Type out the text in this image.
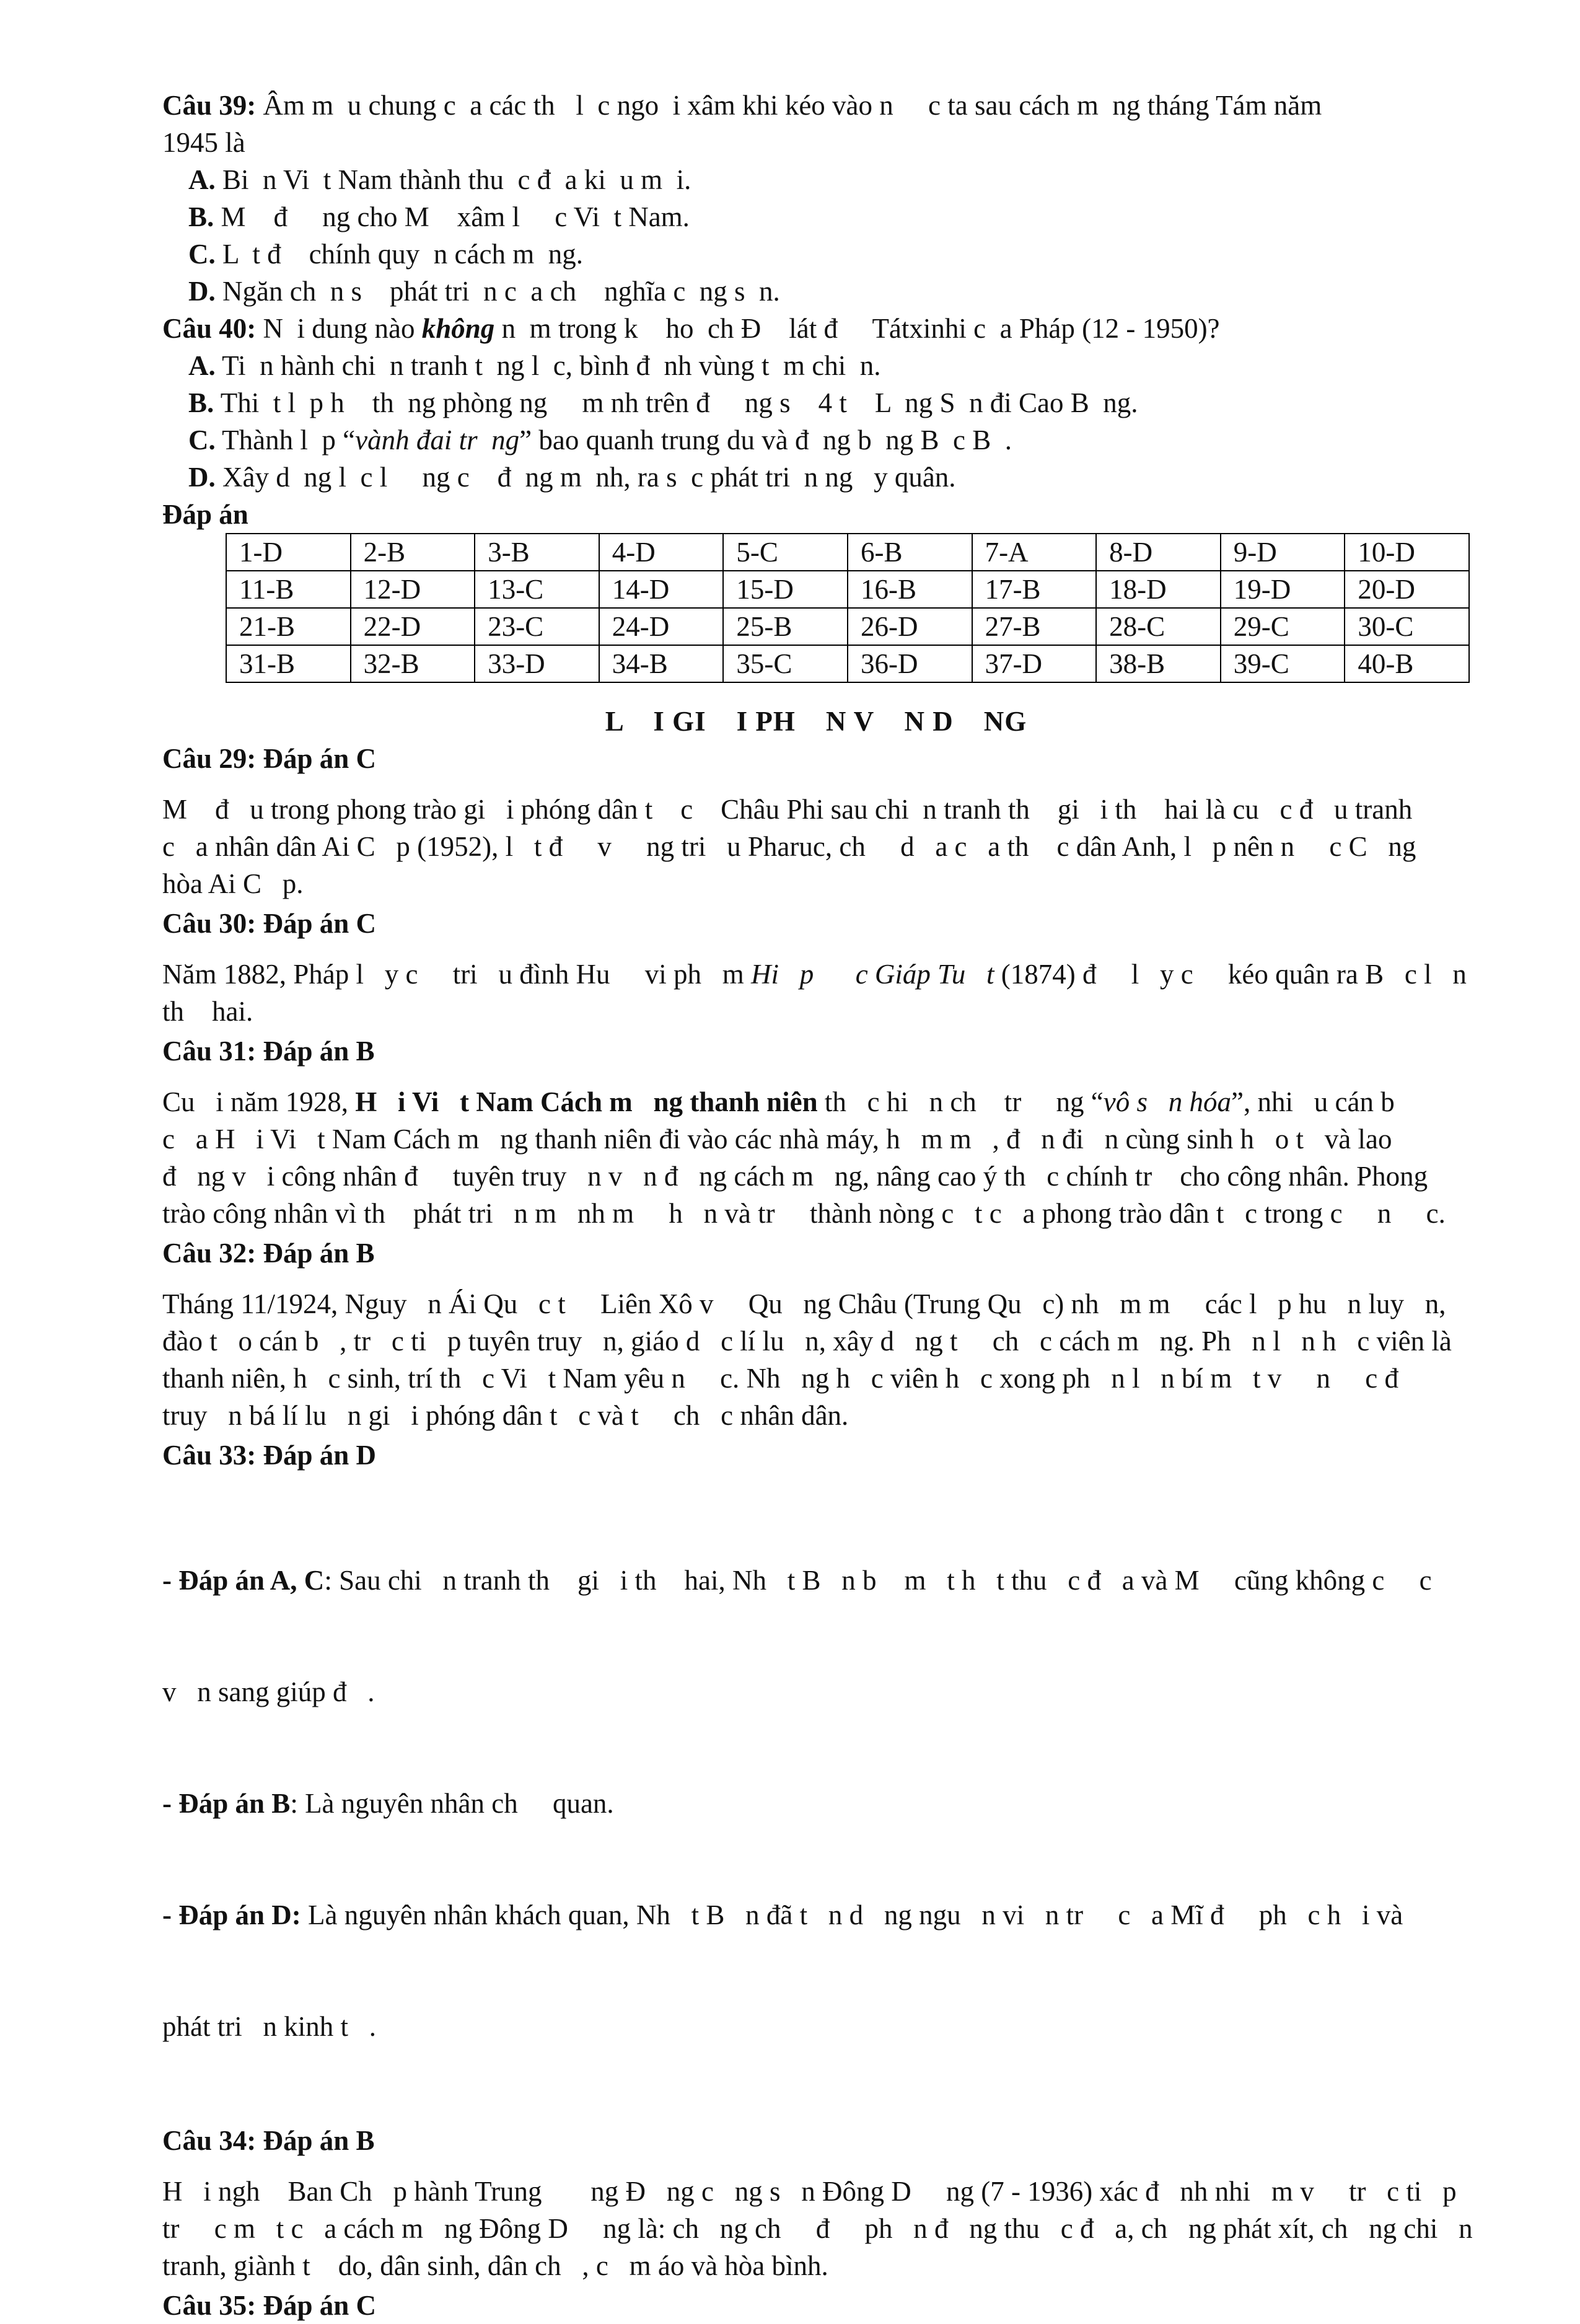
Câu 39: Âm m  u chung c  a các th   l  c ngo  i xâm khi kéo vào n     c ta sau cách m  ng tháng Tám năm
1945 là
A. Bi  n Vi  t Nam thành thu  c đ  a ki  u m  i.
B. M    đ     ng cho M    xâm l     c Vi  t Nam.
C. L  t đ    chính quy  n cách m  ng.
D. Ngăn ch  n s    phát tri  n c  a ch    nghĩa c  ng s  n.
Câu 40: N  i dung nào không n  m trong k    ho  ch Đ    lát đ     Tátxinhi c  a Pháp (12 - 1950)?
A. Ti  n hành chi  n tranh t  ng l  c, bình đ  nh vùng t  m chi  n.
B. Thi  t l  p h    th  ng phòng ng     m nh trên đ     ng s    4 t    L  ng S  n đi Cao B  ng.
C. Thành l  p “vành đai tr  ng” bao quanh trung du và đ  ng b  ng B  c B  .
D. Xây d  ng l  c l     ng c    đ  ng m  nh, ra s  c phát tri  n ng   y quân.
Đáp án
1-D	2-B	3-B	4-D	5-C	6-B	7-A	8-D	9-D	10-D
11-B	12-D	13-C	14-D	15-D	16-B	17-B	18-D	19-D	20-D
21-B	22-D	23-C	24-D	25-B	26-D	27-B	28-C	29-C	30-C
31-B	32-B	33-D	34-B	35-C	36-D	37-D	38-B	39-C	40-B
L    I GI    I PH    N V    N D    NG
Câu 29: Đáp án C
M    đ   u trong phong trào gi   i phóng dân t    c    Châu Phi sau chi  n tranh th    gi   i th    hai là cu   c đ   u tranh
c   a nhân dân Ai C   p (1952), l   t đ     v     ng tri   u Pharuc, ch     d   a c   a th    c dân Anh, l   p nên n     c C   ng
hòa Ai C   p.
Câu 30: Đáp án C
Năm 1882, Pháp l   y c     tri   u đình Hu     vi ph   m Hi   p      c Giáp Tu   t (1874) đ     l   y c     kéo quân ra B   c l   n
th    hai.
Câu 31: Đáp án B
Cu   i năm 1928, H   i Vi   t Nam Cách m   ng thanh niên th   c hi   n ch    tr     ng “vô s   n hóa”, nhi   u cán b
c   a H   i Vi   t Nam Cách m   ng thanh niên đi vào các nhà máy, h   m m   , đ   n đi   n cùng sinh h   o t   và lao
đ   ng v   i công nhân đ     tuyên truy   n v   n đ   ng cách m   ng, nâng cao ý th   c chính tr    cho công nhân. Phong
trào công nhân vì th    phát tri   n m   nh m     h   n và tr     thành nòng c   t c   a phong trào dân t   c trong c     n     c.
Câu 32: Đáp án B
Tháng 11/1924, Nguy   n Ái Qu   c t     Liên Xô v     Qu   ng Châu (Trung Qu   c) nh   m m     các l   p hu   n luy   n,
đào t   o cán b   , tr   c ti   p tuyên truy   n, giáo d   c lí lu   n, xây d   ng t     ch   c cách m   ng. Ph   n l   n h   c viên là
thanh niên, h   c sinh, trí th   c Vi   t Nam yêu n     c. Nh   ng h   c viên h   c xong ph   n l   n bí m   t v     n     c đ
truy   n bá lí lu   n gi   i phóng dân t   c và t     ch   c nhân dân.
Câu 33: Đáp án D

- Đáp án A, C: Sau chi   n tranh th    gi   i th    hai, Nh   t B   n b    m   t h   t thu   c đ   a và M     cũng không c     c

v   n sang giúp đ   .

- Đáp án B: Là nguyên nhân ch     quan.

- Đáp án D: Là nguyên nhân khách quan, Nh   t B   n đã t   n d   ng ngu   n vi   n tr     c   a Mĩ đ     ph   c h   i và

phát tri   n kinh t   .

Câu 34: Đáp án B
H   i ngh    Ban Ch   p hành Trung       ng Đ   ng c   ng s   n Đông D     ng (7 - 1936) xác đ   nh nhi   m v     tr   c ti   p
tr     c m   t c   a cách m   ng Đông D     ng là: ch   ng ch     đ     ph   n đ   ng thu   c đ   a, ch   ng phát xít, ch   ng chi   n
tranh, giành t    do, dân sinh, dân ch   , c   m áo và hòa bình.
Câu 35: Đáp án C
